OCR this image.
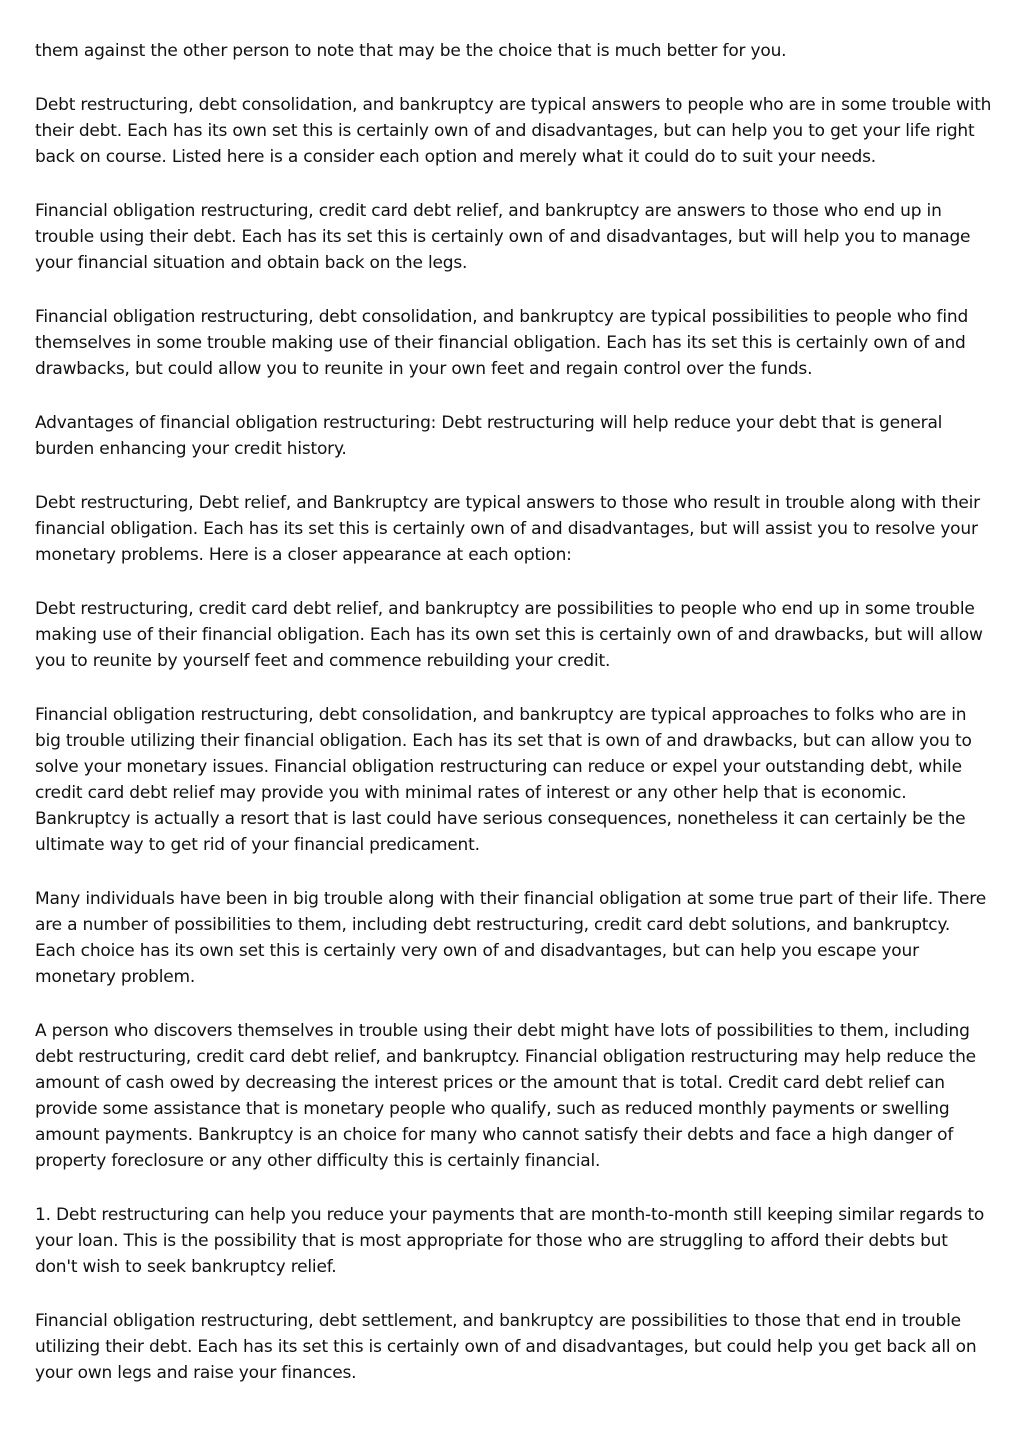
them against the other person to note that may be the choice that is much better for you.

Debt restructuring, debt consolidation, and bankruptcy are typical answers to people who are in some trouble with their debt. Each has its own set this is certainly own of and disadvantages, but can help you to get your life right back on course. Listed here is a consider each option and merely what it could do to suit your needs.

Financial obligation restructuring, credit card debt relief, and bankruptcy are answers to those who end up in trouble using their debt. Each has its set this is certainly own of and disadvantages, but will help you to manage your financial situation and obtain back on the legs.

Financial obligation restructuring, debt consolidation, and bankruptcy are typical possibilities to people who find themselves in some trouble making use of their financial obligation. Each has its set this is certainly own of and drawbacks, but could allow you to reunite in your own feet and regain control over the funds.

Advantages of financial obligation restructuring: Debt restructuring will help reduce your debt that is general burden enhancing your credit history.

Debt restructuring, Debt relief, and Bankruptcy are typical answers to those who result in trouble along with their financial obligation. Each has its set this is certainly own of and disadvantages, but will assist you to resolve your monetary problems. Here is a closer appearance at each option:

Debt restructuring, credit card debt relief, and bankruptcy are possibilities to people who end up in some trouble making use of their financial obligation. Each has its own set this is certainly own of and drawbacks, but will allow you to reunite by yourself feet and commence rebuilding your credit.

Financial obligation restructuring, debt consolidation, and bankruptcy are typical approaches to folks who are in big trouble utilizing their financial obligation. Each has its set that is own of and drawbacks, but can allow you to solve your monetary issues. Financial obligation restructuring can reduce or expel your outstanding debt, while credit card debt relief may provide you with minimal rates of interest or any other help that is economic. Bankruptcy is actually a resort that is last could have serious consequences, nonetheless it can certainly be the ultimate way to get rid of your financial predicament.

Many individuals have been in big trouble along with their financial obligation at some true part of their life. There are a number of possibilities to them, including debt restructuring, credit card debt solutions, and bankruptcy. Each choice has its own set this is certainly very own of and disadvantages, but can help you escape your monetary problem.

A person who discovers themselves in trouble using their debt might have lots of possibilities to them, including debt restructuring, credit card debt relief, and bankruptcy. Financial obligation restructuring may help reduce the amount of cash owed by decreasing the interest prices or the amount that is total. Credit card debt relief can provide some assistance that is monetary people who qualify, such as reduced monthly payments or swelling amount payments. Bankruptcy is an choice for many who cannot satisfy their debts and face a high danger of property foreclosure or any other difficulty this is certainly financial.

1. Debt restructuring can help you reduce your payments that are month-to-month still keeping similar regards to your loan. This is the possibility that is most appropriate for those who are struggling to afford their debts but don't wish to seek bankruptcy relief.

Financial obligation restructuring, debt settlement, and bankruptcy are possibilities to those that end in trouble utilizing their debt. Each has its set this is certainly own of and disadvantages, but could help you get back all on your own legs and raise your finances.
